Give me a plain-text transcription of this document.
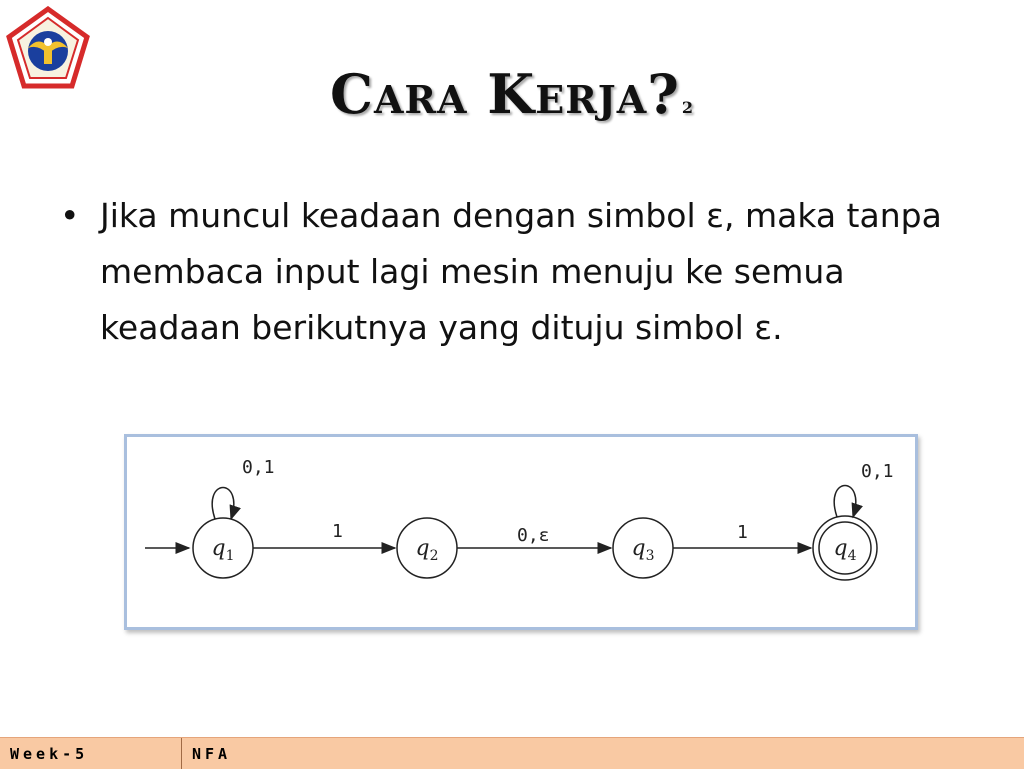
Cara Kerja? 2
• Jika muncul keadaan dengan simbol ε, maka tanpa membaca input lagi mesin menuju ke semua keadaan berikutnya yang dituju simbol ε.
0,1
$q_1$
1
$q_2$
0,ε
$q_3$
1
$q_4$
0,1
Week-5	NFA
